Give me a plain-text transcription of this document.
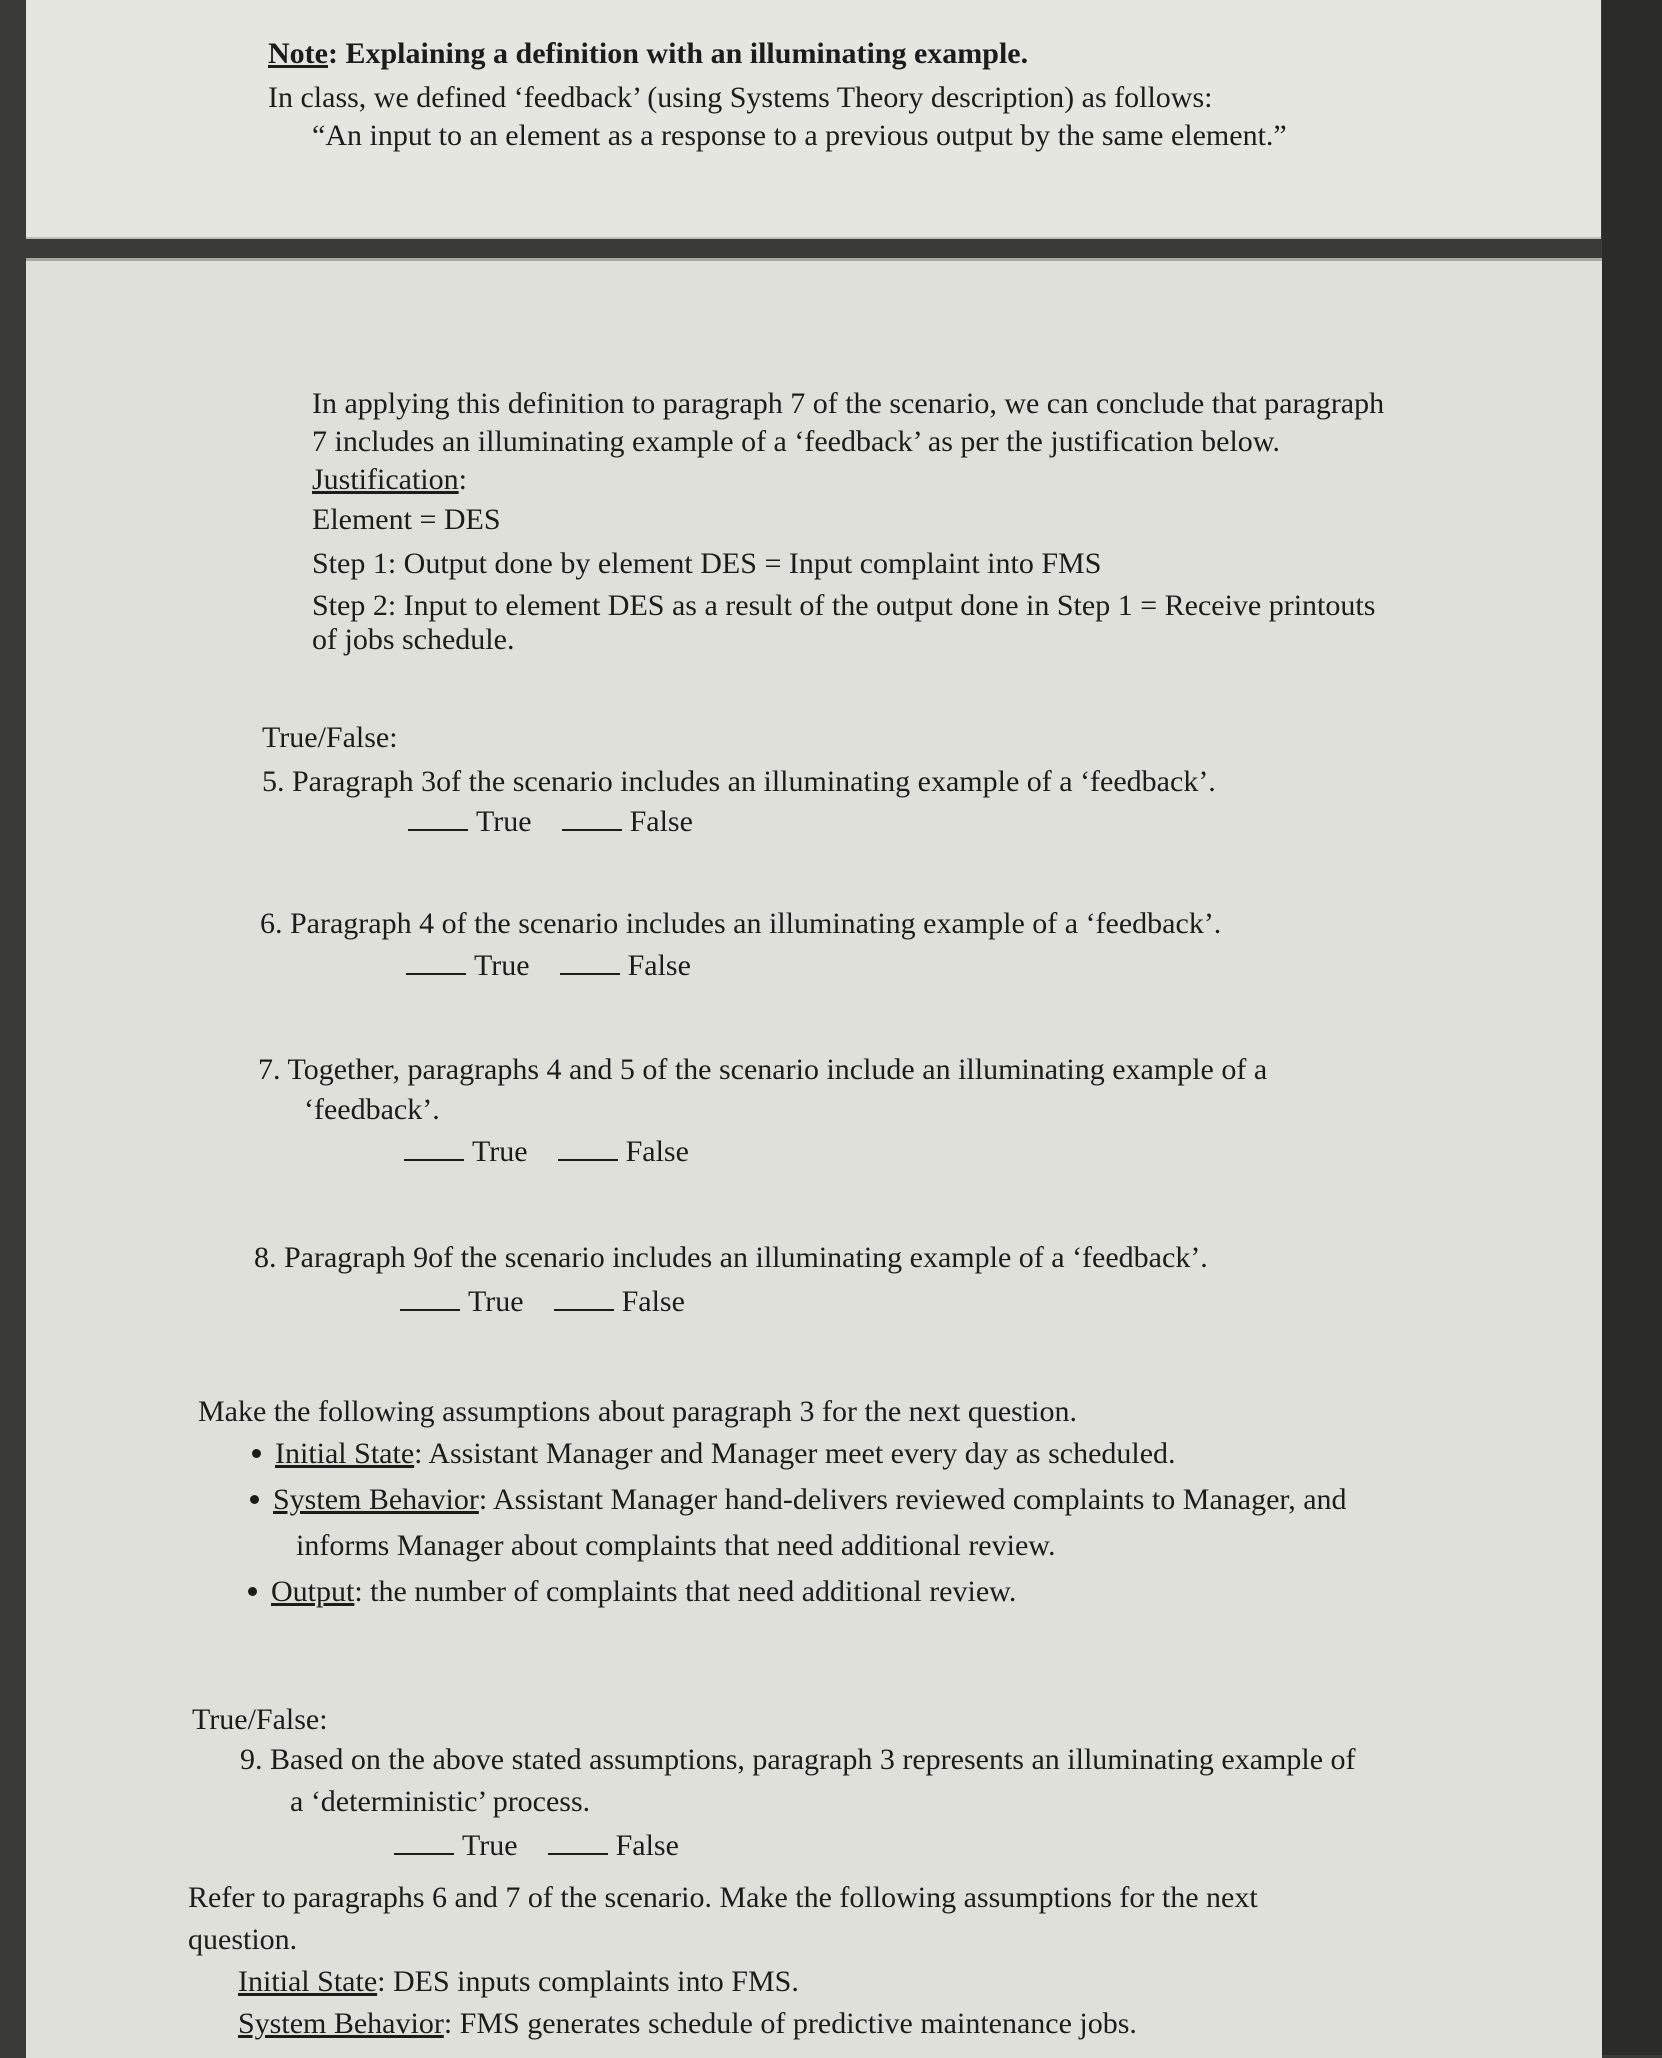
Note: Explaining a definition with an illuminating example.
In class, we defined ‘feedback’ (using Systems Theory description) as follows:
“An input to an element as a response to a previous output by the same element.”
In applying this definition to paragraph 7 of the scenario, we can conclude that paragraph
7 includes an illuminating example of a ‘feedback’ as per the justification below.
Justification:
Element = DES
Step 1: Output done by element DES = Input complaint into FMS
Step 2: Input to element DES as a result of the output done in Step 1 = Receive printouts
of jobs schedule.
True/False:
5. Paragraph 3of the scenario includes an illuminating example of a ‘feedback’.
True	False
6. Paragraph 4 of the scenario includes an illuminating example of a ‘feedback’.
True	False
7. Together, paragraphs 4 and 5 of the scenario include an illuminating example of a
‘feedback’.
True	False
8. Paragraph 9of the scenario includes an illuminating example of a ‘feedback’.
True	False
Make the following assumptions about paragraph 3 for the next question.
Initial State: Assistant Manager and Manager meet every day as scheduled.
System Behavior: Assistant Manager hand-delivers reviewed complaints to Manager, and
informs Manager about complaints that need additional review.
Output: the number of complaints that need additional review.
True/False:
9. Based on the above stated assumptions, paragraph 3 represents an illuminating example of
a ‘deterministic’ process.
True	False
Refer to paragraphs 6 and 7 of the scenario. Make the following assumptions for the next
question.
Initial State: DES inputs complaints into FMS.
System Behavior: FMS generates schedule of predictive maintenance jobs.
